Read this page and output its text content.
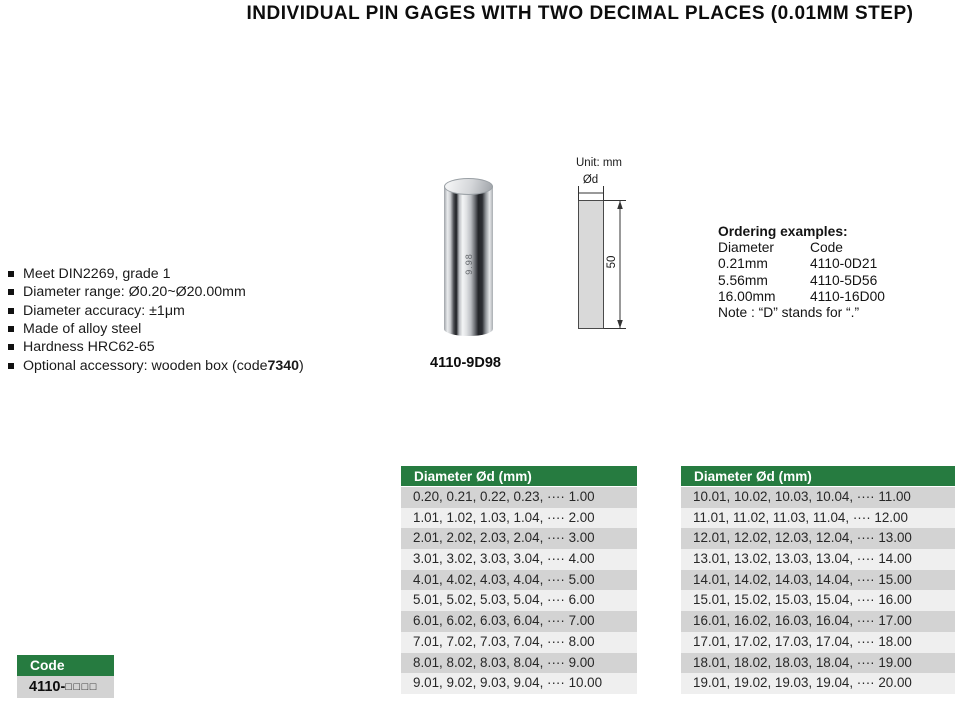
INDIVIDUAL PIN GAGES WITH TWO DECIMAL PLACES (0.01MM STEP)
Meet DIN2269, grade 1
Diameter range: Ø0.20~Ø20.00mm
Diameter accuracy: ±1μm
Made of alloy steel
Hardness HRC62-65
Optional accessory: wooden box (code 7340 )
9.98
4110-9D98
Unit: mm
Ød
50
Ordering examples:
Diameter	Code
0.21mm	4110-0D21
5.56mm	4110-5D56
16.00mm 4110-16D00
Note : “D” stands for “.”
Code
4110-□□□□
Diameter Ød (mm)
0.20, 0.21, 0.22, 0.23, ···· 1.00
1.01, 1.02, 1.03, 1.04, ···· 2.00
2.01, 2.02, 2.03, 2.04, ···· 3.00
3.01, 3.02, 3.03, 3.04, ···· 4.00
4.01, 4.02, 4.03, 4.04, ···· 5.00
5.01, 5.02, 5.03, 5.04, ···· 6.00
6.01, 6.02, 6.03, 6.04, ···· 7.00
7.01, 7.02, 7.03, 7.04, ···· 8.00
8.01, 8.02, 8.03, 8.04, ···· 9.00
9.01, 9.02, 9.03, 9.04, ···· 10.00
Diameter Ød (mm)
10.01, 10.02, 10.03, 10.04, ···· 11.00
11.01, 11.02, 11.03, 11.04, ···· 12.00
12.01, 12.02, 12.03, 12.04, ···· 13.00
13.01, 13.02, 13.03, 13.04, ···· 14.00
14.01, 14.02, 14.03, 14.04, ···· 15.00
15.01, 15.02, 15.03, 15.04, ···· 16.00
16.01, 16.02, 16.03, 16.04, ···· 17.00
17.01, 17.02, 17.03, 17.04, ···· 18.00
18.01, 18.02, 18.03, 18.04, ···· 19.00
19.01, 19.02, 19.03, 19.04, ···· 20.00
